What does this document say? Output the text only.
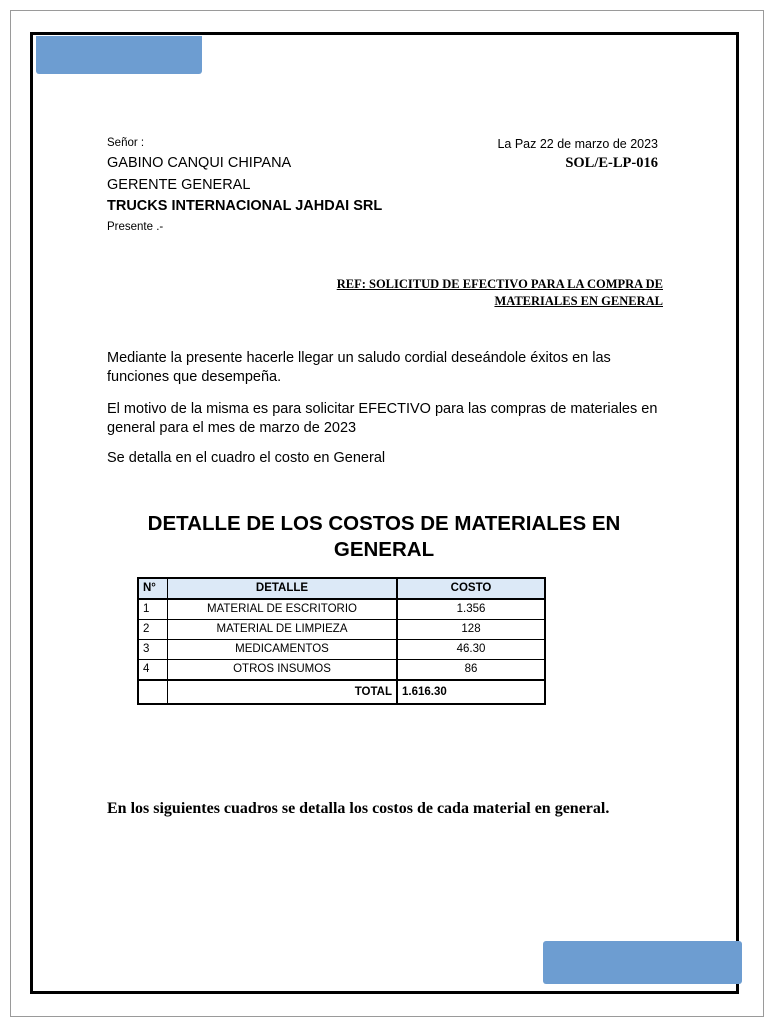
Señor :	La Paz 22 de marzo de 2023
GABINO CANQUI CHIPANA	SOL/E-LP-016
GERENTE GENERAL
TRUCKS INTERNACIONAL JAHDAI SRL
Presente .-
REF: SOLICITUD DE EFECTIVO PARA LA COMPRA DE
MATERIALES EN GENERAL
Mediante la presente hacerle llegar un saludo cordial deseándole éxitos en las funciones que desempeña.
El motivo de la misma es para solicitar EFECTIVO para las compras de materiales en general para el mes de marzo de 2023
Se detalla en el cuadro el costo en General
DETALLE DE LOS COSTOS DE MATERIALES EN GENERAL
N°	DETALLE	COSTO
1	MATERIAL DE ESCRITORIO	1.356
2	MATERIAL DE LIMPIEZA	128
3	MEDICAMENTOS	46.30
4	OTROS INSUMOS	86
	TOTAL	1.616.30
En los siguientes cuadros se detalla los costos de cada material en general.
